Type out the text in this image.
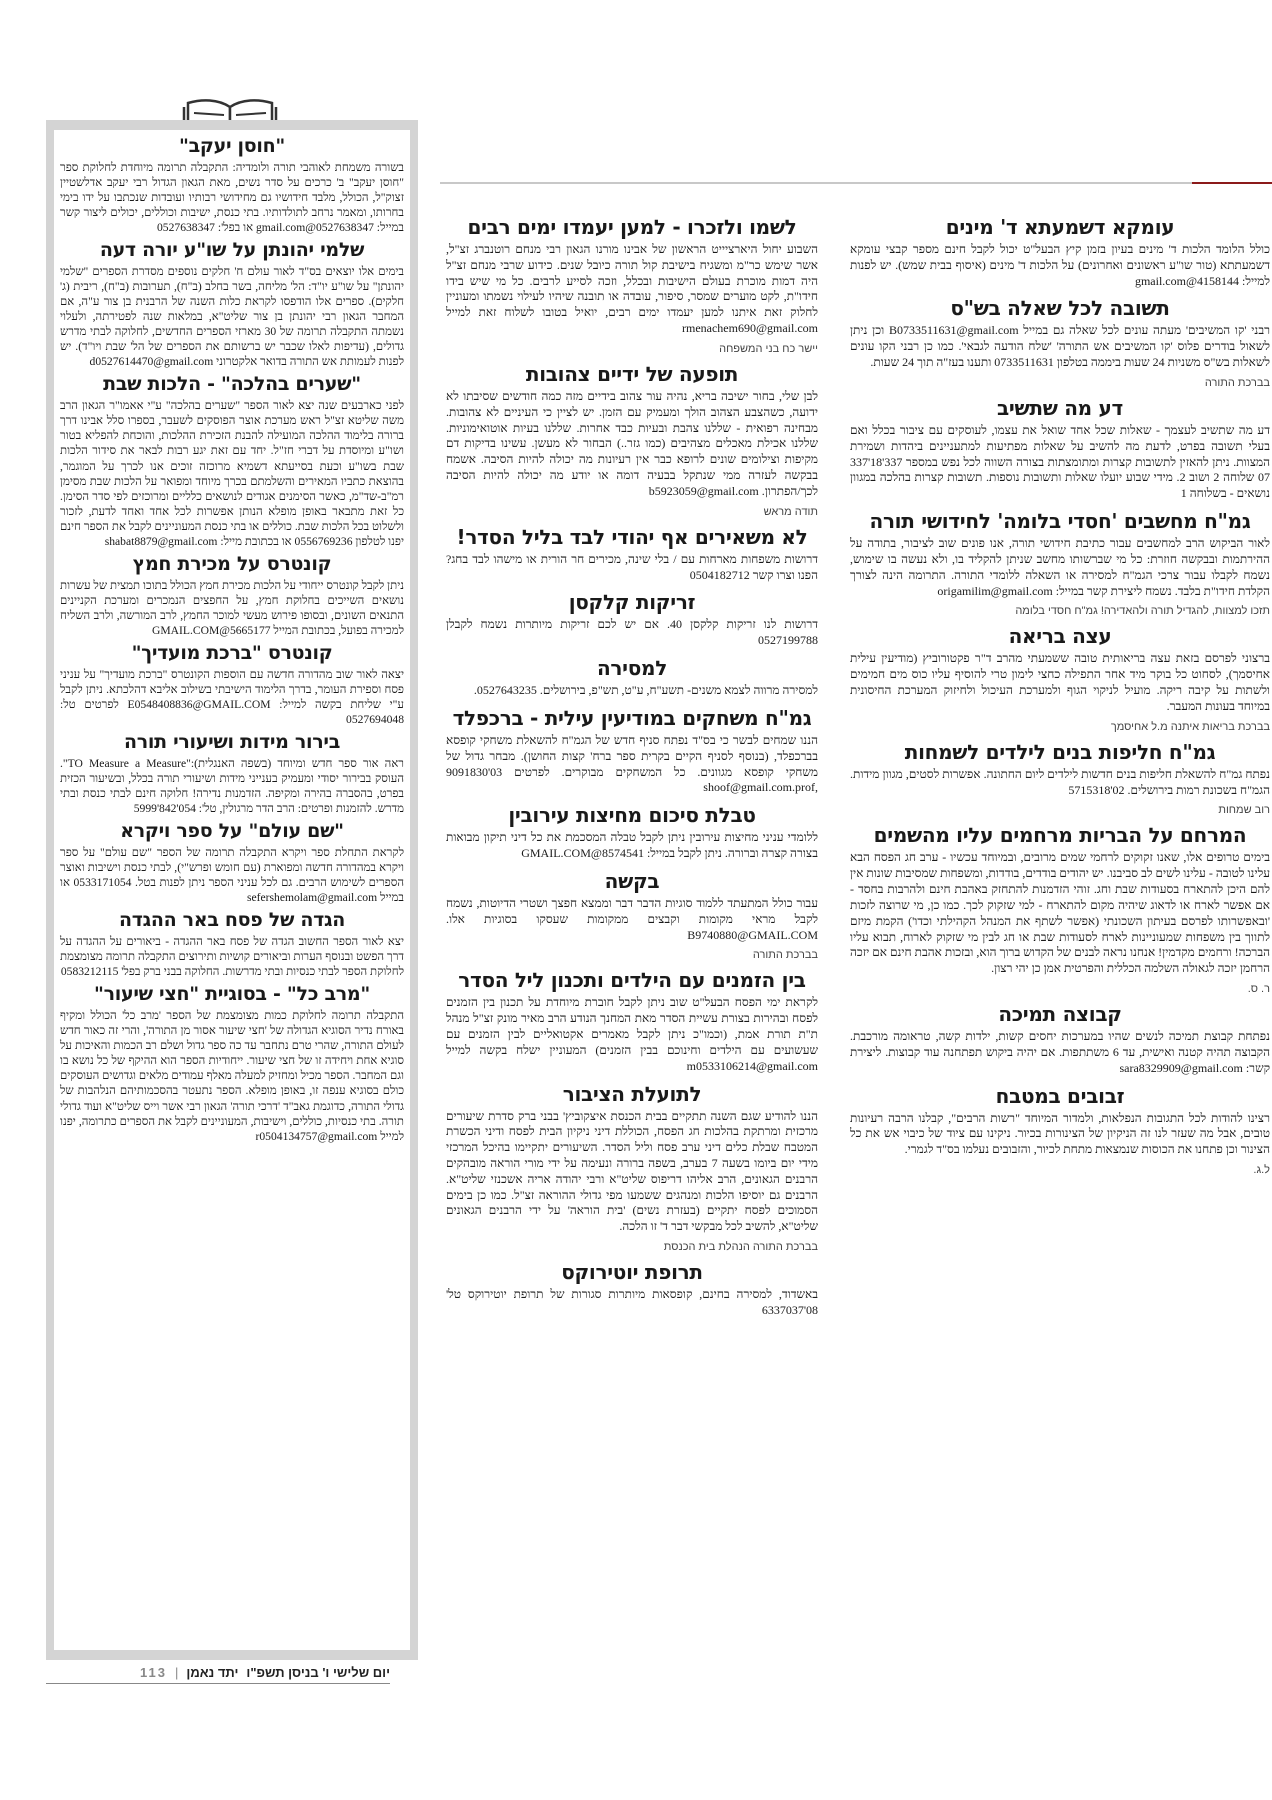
עומקא דשמעתא ד' מינים

כולל הלומד הלכות ד' מינים בעיון בזמן קיץ הבעל"ט יכול לקבל חינם מספר קבצי עומקא דשמעתתא (טור שו"ע ראשונים ואחרונים) על הלכות ד' מינים (איסוף בבית שמש). יש לפנות למייל: 4158144@gmail.com

תשובה לכל שאלה בש"ס

רבני 'קו המשיבים' מעתה עונים לכל שאלה גם במייל B0733511631@gmail.com וכן ניתן לשאול בודרים פלוס 'קו המשיבים אש התורה' 'שלח הודעה לגבאי'. כמו כן רבני הקו עונים לשאלות בש"ס משניות 24 שעות ביממה בטלפון 0733511631 ותענו בעז"ה תוך 24 שעות.

בברכת התורה
דע מה שתשיב

דע מה שתשיב לעצמך - שאלות שכל אחד שואל את עצמו, לעוסקים עם ציבור בכלל ואם בעלי תשובה בפרט, לדעת מה להשיב על שאלות מפתיעות למתעניינים ביהדות ושמירת המצוות. ניתן להאזין לתשובות קצרות ומתומצתות בצורה השווה לכל נפש במספר 337'18'337 07 שלוחה 2 ושוב 2. מידי שבוע יועלו שאלות ותשובות נוספות. תשובות קצרות בהלכה במגוון נושאים - בשלוחה 1

גמ"ח מחשבים 'חסדי בלומה' לחידושי תורה

לאור הביקוש הרב למחשבים עבור כתיבת חידושי תורה, אנו פונים שוב לציבור, בתודה על ההירתמות ובבקשה חוזרת: כל מי שברשותו מחשב שניתן להקליד בו, ולא נעשה בו שימוש, נשמח לקבלו עבור צרכי הגמ"ח למסירה או השאלה ללומדי התורה. התרומה הינה לצורך הקלדת חידו"ת בלבד. נשמח ליצירת קשר במייל: origamilim@gmail.com

תזכו למצוות, להגדיל תורה ולהאדירה! גמ"ח חסדי בלומה
עצה בריאה

ברצוני לפרסם בזאת עצה בריאותית טובה ששמעתי מהרב ד"ר פקטורוביץ (מודיעין עילית אחיסמך), לסחוט כל בוקר מיד אחר התפילה כחצי לימון טרי להוסיף עליו כוס מים חמימים ולשתות על קיבה ריקה. מועיל לניקוי הגוף ולמערכת העיכול ולחיזוק המערכת החיסונית במיוחד בעונות המעבר.

בברכת בריאות איתנה מ.ל אחיסמך
גמ"ח חליפות בנים לילדים לשמחות

נפתח גמ"ח להשאלת חליפות בנים חדשות לילדים ליום החתונה. אפשרות לסטים, מגוון מידות. הגמ"ח בשכונת רמות בירושלים. 02'5715318

רוב שמחות
המרחם על הבריות מרחמים עליו מהשמים

בימים טרופים אלו, שאנו זקוקים לרחמי שמים מרובים, ובמיוחד עכשיו - ערב חג הפסח הבא עלינו לטובה - עלינו לשים לב סביבנו. יש יהודים בודדים, בודדות, ומשפחות שמסיבות שונות אין להם היכן להתארח בסעודות שבת וחג. זוהי הזדמנות להתחזק באהבת חינם ולהרבות בחסד - אם אפשר לארח או לדאוג שיהיה מקום להתארח - למי שזקוק לכך. כמו כן, מי שרוצה לזכות 'ובאפשרותו לפרסם בעיתון השכונתי (אפשר לשתף את המנהל הקהילתי וכדו') הקמת מיזם לתווך בין משפחות שמעוניינות לארח לסעודות שבת או חג לבין מי שזקוק לארוח, תבוא עליו הברכה! ורחמים מקדמין! אנחנו נראה לבנים של הקדוש ברוך הוא, ובזכות אהבת חינם אם יזכה הרחמן יזכה לגאולה השלמה הכללית והפרטית אמן כן יהי רצון.

ר. ס.
קבוצה תמיכה

נפתחת קבוצת תמיכה לנשים שהיו במערכות יחסים קשות, ילדות קשה, טראומה מורכבת. הקבוצה תהיה קטנה ואישית, עד 6 משתתפות. אם יהיה ביקוש תפתחנה עוד קבוצות. ליצירת קשר: sara8329909@gmail.com

זבובים במטבח

רצינו להודות לכל התגובות הנפלאות, ולמדור המיוחד "רשות הרבים", קבלנו הרבה רעיונות טובים, אבל מה שעזר לנו זה הניקיון של הצינורות בכיור. ניקינו עם ציוד של כיבוי אש את כל הצינור וכן פתחנו את הכוסות שנמצאות מתחת לכיור, והזבובים נעלמו בס"ד לגמרי.

ל.ג.
לשמו ולזכרו - למען יעמדו ימים רבים

השבוע יחול היארציייט הראשון של אבינו מורנו הגאון רבי מנחם רוטנברג זצ"ל, אשר שימש כר"מ ומשגיח בישיבת קול תורה כיובל שנים. כידוע שרבי מנחם זצ"ל היה דמות מוכרת בעולם הישיבות ובכלל, וזכה לסייע לרבים. כל מי שיש בידו חידו"ת, לקט מוערים שמסר, סיפור, עובדה או תובנה שיהיו לעילוי נשמתו ומעוניין לחלוק זאת איתנו למען יעמדו ימים רבים, יואיל בטובו לשלוח זאת למייל rmenachem690@gmail.com

יישר כח בני המשפחה
תופעה של ידיים צהובות

לבן שלי, בחור ישיבה בריא, נהיה עור צהוב בידיים מזה כמה חודשים שסיבתו לא ידועה, כשהצבע הצהוב הולך ומעמיק עם הזמן. יש לציין כי העיניים לא צהובות. מבחינה רפואית - שללנו צהבת ובעיות כבד אחרות. שללנו בעיות אוטואימוניות. שללנו אכילת מאכלים מצהיבים (כמו גזר..) הבחור לא מעשן. עשינו בדיקות דם מקיפות וצילומים שונים לרופא כבר אין רעיונות מה יכולה להיות הסיבה. אשמח בבקשה לעזרה ממי שנתקל בבעיה דומה או יודע מה יכולה להיות הסיבה לכך/הפתרון. b5923059@gmail.com

תודה מראש
לא משאירים אף יהודי לבד בליל הסדר!

דרושות משפחות מארחות עם / בלי שינה, מכירים חר הורית או מישהו לבד בחג? הפנו וצרו קשר 0504182712

זריקות קלקסן

דרושות לנו זריקות קלקסן 40. אם יש לכם זריקות מיותרות נשמח לקבלן 0527199788

למסירה

למסירה מרווה לצמא משנים- תשע"ח, ע"ט, תש"פ, בירושלים. 0527643235.

גמ"ח משחקים במודיעין עילית - ברכפלד

הננו שמחים לבשר כי בס"ד נפתח סניף חדש של הגמ"ח להשאלת משחקי קופסא בברכפלד, (בנוסף לסניף הקיים בקרית ספר ברח' קצות החושן). מבחר גדול של משחקי קופסא מגוונים. כל המשחקים מבוקרים. לפרטים 03'9091830 ,shoof@gmail.com.prof

טבלת סיכום מחיצות עירובין

ללומדי עניני מחיצות עירובין ניתן לקבל טבלה המסכמת את כל דיני תיקון מבואות בצורה קצרה וברורה. ניתן לקבל במייל: 8574541@GMAIL.COM

בקשה

עבור כולל המתעתד ללמוד סוגיות הדבר דבר וממצא חפצך ושטרי הדיוטות, נשמח לקבל מראי מקומות וקבצים ממקומות שעסקו בסוגיות אלו. B9740880@GMAIL.COM

בברכת התורה
בין הזמנים עם הילדים ותכנון ליל הסדר

לקראת ימי הפסח הבעל"ט שוב ניתן לקבל חוברת מיוחדת על תכנון בין הזמנים לפסח ובהירות בצורת עשיית הסדר מאת המחנך הנודע הרב מאיר מונק זצ"ל מנהל ת"ת תורת אמת, (וכמו"כ ניתן לקבל מאמרים אקטואליים לבין הזמנים עם שעשועים עם הילדים וחינוכם בבין הזמנים) המעוניין ישלח בקשה למייל m0533106214@gmail.com

לתועלת הציבור

הננו להודיע שגם השנה תתקיים בבית הכנסת איצקוביץ' בבני ברק סדרת שיעורים מרכזית ומרתקת בהלכות חג הפסח, הכוללת דיני ניקיון הבית לפסח ודיני הכשרת המטבח שבלת כלים דיני ערב פסח וליל הסדר. השיעורים יתקיימו בהיכל המרכזי מידי יום ביומו בשעה 7 בערב, בשפה ברורה ונעימה על ידי מורי הוראה מובהקים הרבנים הגאונים, הרב אליהו דריפוס שליט"א ורבי יהודה אריה אשכנזי שליט"א. הרבנים גם יוסיפו הלכות ומנהגים ששמעו מפי גדולי ההוראה זצ"ל. כמו כן בימים הסמוכים לפסח יתקיים (בעזרת נשים) 'בית הוראה' על ידי הרבנים הגאונים שליט"א, להשיב לכל מבקשי דבר ד' זו הלכה.

בברכת התורה הנהלת בית הכנסת
תרופת יוטירוקס

באשדוד, למסירה בחינם, קופסאות מיותרות סגורות של תרופת יוטירוקס טל' 08'6337037

"חוסן יעקב"

בשורה משמחת לאוהבי תורה ולומדיה: התקבלה תרומה מיוחדת לחלוקת ספר "חוסן יעקב" ב' כרכים על סדר נשים, מאת הגאון הגדול רבי יעקב אדלשטיין זצוק"ל, הכולל, מלבד חידושיו גם מחידושי רבותיו ועובדות שנכתבו על ידו בימי בחרותו, ומאמר נרחב לתולדותיו. בתי כנסת, ישיבות וכוללים, יכולים ליצור קשר במייל: 0527638347@gmail.com או בפל': 0527638347

שלמי יהונתן על שו"ע יורה דעה

בימים אלו יוצאים בס"ד לאור עולם ח' חלקים נוספים מסדרת הספרים "שלמי יהונתן" על שו"ע יו"ד: הל' מליחה, בשר בחלב (ב"ח), תערובות (ב"ח), ריבית (ג' חלקים). ספרים אלו הודפסו לקראת כלות השנה של הרבנית בן צור ע"ה, אם המחבר הגאון רבי יהונתן בן צור שליט"א, במלאות שנה לפטירתה, ולעלוי נשמתה התקבלה תרומה של 30 מארזי הספרים החדשים, לחלוקה לבתי מדרש גדולים, (עדיפות לאלו שכבר יש ברשותם את הספרים של הל' שבת ויו"ד). יש לפנות לעמותת אש התורה בדואר אלקטרוני d0527614470@gmail.com

"שערים בהלכה" - הלכות שבת

לפני כארבעים שנה יצא לאור הספר "שערים בהלכה" ע"י אאמו"ר הגאון הרב משה שליטא זצ"ל ראש מערכת אוצר הפוסקים לשעבר, בספרו סלל אבינו דרך ברורה בלימוד ההלכה המועילה להבנת הזכירת ההלכות, והוכחת להפליא בטור ושו"ע ומיוסדת על דברי חז"ל. יחד עם זאת יגע רבות לבאר את סידור הלכות שבת בשו"ע וכעת בסייעתא דשמיא מרוכזה זוכים אנו לכרך על המוגמר, בהוצאת כתביו המאירים והשלמתם בכרך מיוחד ומפואר על הלכות שבת מסימן רמ"ב-שד"מ, כאשר הסימנים אגודים לנושאים כלליים ומרוכזים לפי סדר הסימן. כל זאת מתבאר באופן מופלא הנותן אפשרות לכל אחד ואחד לדעת, לזכור ולשלוט בכל הלכות שבת. כוללים או בתי כנסת המעוניינים לקבל את הספר חינם יפנו לטלפון 0556769236 או בכתובת מייל: shabat8879@gmail.com

קונטרס על מכירת חמץ

ניתן לקבל קונטרס ייחודי על הלכות מכירת חמץ הכולל בתוכו תמצית של עשרות נושאים השייכים בחלוקת חמץ, על החפצים הנמכרים ומערכת הקניינים התנאים השונים, ובסופו פירוש מעשי למוכר החמץ, לרב המורשה, ולרב השליח למכירה בפועל, בכתובת המייל 5665177@GMAIL.COM

קונטרס "ברכת מועדיך"

יצאה לאור שוב מהדורה חדשה עם הוספות הקונטרס "ברכת מועדיך" על עניני פסח וספירת העומר, בדרך הלימוד הישיבתי בשילוב אליבא דהלכתא. ניתן לקבל ע"י שליחת בקשה למייל: E0548408836@GMAIL.COM לפרטים טל: 0527694048

בירור מידות ושיעורי תורה

ראה אור ספר חדש ומיוחד (בשפה האנגלית):"TO Measure a Measure". העוסק בבירור יסודי ומעמיק בענייני מידות ושיעורי תורה בכלל, ובשיעור הכזית בפרט, בהסברה בהירה ומקיפה. הזדמנות נדירה! חלוקה חינם לבתי כנסת ובתי מדרש. להזמנות ופרטים: הרב הדר מרגולין, טל': 054'842'5999

"שם עולם" על ספר ויקרא

לקראת התחלת ספר ויקרא התקבלה תרומה של הספר "שם עולם" על ספר ויקרא במהדורה חדשה ומפוארת (עם חומש ופרש"י), לבתי כנסת וישיבות ואוצר הספרים לשימוש הרבים. גם לכל עניני הספר ניתן לפנות בטל. 0533171054 או במייל sefershemolam@gmail.com

הגדה של פסח באר ההגדה

יצא לאור הספר החשוב הגדה של פסח באר ההגדה - ביאורים על ההגדה על דרך הפשט ובנוסף הערות וביאורים קושיות ותירוצים התקבלה תרומה מצומצמת לחלוקת הספר לבתי כנסיות ובתי מדרשות. החלוקה בבני ברק בפל' 0583212115

"מרב כל" - בסוגיית "חצי שיעור"

התקבלה תרומה לחלוקת כמות מצומצמת של הספר 'מרב כל' הכולל ומקיף באורח נדיר הסוגיא הגדולה של 'חצי שיעור אסור מן התורה', והרי זה כאור חדש לעולם התורה, שהרי טרם נתחבר עד כה ספר גדול ושלם רב הכמות והאיכות על סוגיא אחת ויחידה זו של חצי שיעור. ייחודיות הספר הוא ההיקף של כל נושא בו וגם המחבר. הספר מכיל ומחזיק למעלה מאלף עמודים מלאים וגדושים העוסקים כולם בסוגיא ענפה זו, באופן מופלא. הספר נתעטר בהסכמותיהם הנלהבות של גדולי התורה, כדוגמת גאב"ד 'דרכי תורה' הגאון רבי אשר וייס שליט"א ועוד גדולי תורה. בתי כנסיות, כוללים, וישיבות, המעוניינים לקבל את הספרים כתרומה, יפנו למייל r0504134757@gmail.com

יום שלישי ו' בניסן תשפ"ו
יתד נאמן
|
113
